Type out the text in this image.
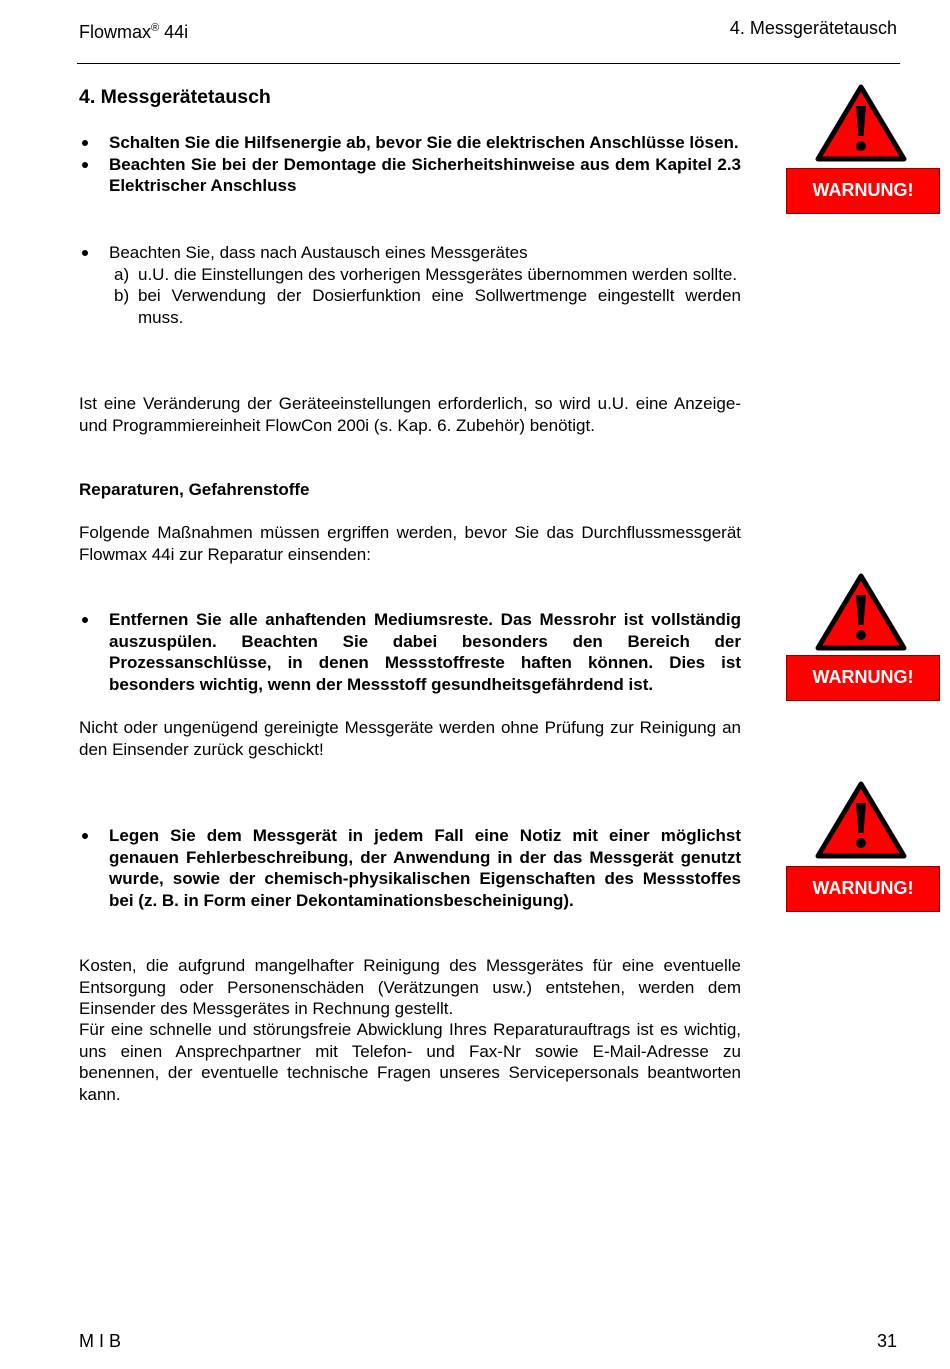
Flowmax® 44i	4. Messgerätetausch
4. Messgerätetausch
Schalten Sie die Hilfsenergie ab, bevor Sie die elektrischen Anschlüsse lösen.
Beachten Sie bei der Demontage die Sicherheitshinweise aus dem Kapitel 2.3 Elektrischer Anschluss
Beachten Sie, dass nach Austausch eines Messgerätes
a) u.U. die Einstellungen des vorherigen Messgerätes übernommen werden sollte.
b) bei Verwendung der Dosierfunktion eine Sollwertmenge eingestellt werden muss.
Ist eine Veränderung der Geräteeinstellungen erforderlich, so wird u.U. eine Anzeige- und Programmiereinheit FlowCon 200i (s. Kap. 6. Zubehör) benötigt.
Reparaturen, Gefahrenstoffe
Folgende Maßnahmen müssen ergriffen werden, bevor Sie das Durchflussmessgerät Flowmax 44i zur Reparatur einsenden:
Entfernen Sie alle anhaftenden Mediumsreste. Das Messrohr ist vollständig auszuspülen. Beachten Sie dabei besonders den Bereich der Prozessanschlüsse, in denen Messstoffreste haften können. Dies ist besonders wichtig, wenn der Messstoff gesundheitsgefährdend ist.
Nicht oder ungenügend gereinigte Messgeräte werden ohne Prüfung zur Reinigung an den Einsender zurück geschickt!
Legen Sie dem Messgerät in jedem Fall eine Notiz mit einer möglichst genauen Fehlerbeschreibung, der Anwendung in der das Messgerät genutzt wurde, sowie der chemisch-physikalischen Eigenschaften des Messstoffes bei (z. B. in Form einer Dekontaminationsbescheinigung).
Kosten, die aufgrund mangelhafter Reinigung des Messgerätes für eine eventuelle Entsorgung oder Personenschäden (Verätzungen usw.) entstehen, werden dem Einsender des Messgerätes in Rechnung gestellt.
Für eine schnelle und störungsfreie Abwicklung Ihres Reparaturauftrags ist es wichtig, uns einen Ansprechpartner mit Telefon- und Fax-Nr sowie E-Mail-Adresse zu benennen, der eventuelle technische Fragen unseres Servicepersonals beantworten kann.
WARNUNG!
WARNUNG!
WARNUNG!
M I B	31
